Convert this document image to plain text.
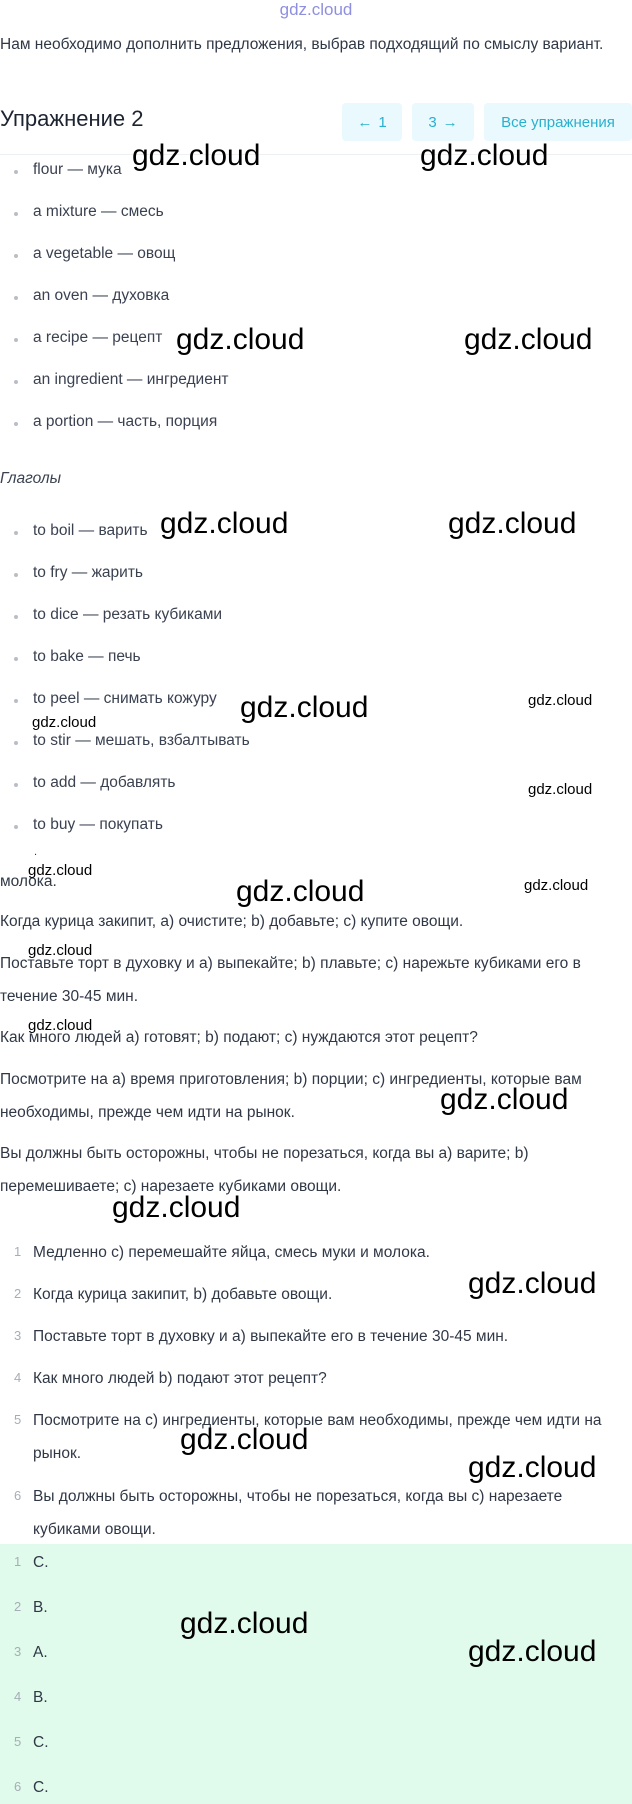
gdz.cloud
Нам необходимо дополнить предложения, выбрав подходящий по смыслу вариант.
Упражнение 2	← 1	3 →	Все упражнения
flour — мука
a mixture — смесь
a vegetable — овощ
an oven — духовка
a recipe — рецепт
an ingredient — ингредиент
a portion — часть, порция
Глаголы
to boil — варить
to fry — жарить
to dice — резать кубиками
to bake — печь
to peel — снимать кожуру
to stir — мешать, взбалтывать
to add — добавлять
to buy — покупать
.
молока.
Когда курица закипит, a) очистите; b) добавьте; c) купите овощи.
Поставьте торт в духовку и a) выпекайте; b) плавьте; c) нарежьте кубиками его в течение 30-45 мин.
Как много людей a) готовят; b) подают; c) нуждаются этот рецепт?
Посмотрите на a) время приготовления; b) порции; c) ингредиенты, которые вам необходимы, прежде чем идти на рынок.
Вы должны быть осторожны, чтобы не порезаться, когда вы a) варите; b) перемешиваете; c) нарезаете кубиками овощи.
1 Медленно c) перемешайте яйца, смесь муки и молока.
2 Когда курица закипит, b) добавьте овощи.
3 Поставьте торт в духовку и a) выпекайте его в течение 30-45 мин.
4 Как много людей b) подают этот рецепт?
5 Посмотрите на c) ингредиенты, которые вам необходимы, прежде чем идти на рынок.
6 Вы должны быть осторожны, чтобы не порезаться, когда вы c) нарезаете кубиками овощи.
1 C.
2 B.
3 A.
4 B.
5 C.
6 C.
gdz.cloud	gdz.cloud
gdz.cloud	gdz.cloud
gdz.cloud	gdz.cloud
gdz.cloud	gdz.cloud
gdz.cloud
gdz.cloud
gdz.cloud
gdz.cloud	gdz.cloud
gdz.cloud
gdz.cloud
gdz.cloud
gdz.cloud
gdz.cloud
gdz.cloud
gdz.cloud
gdz.cloud
gdz.cloud
